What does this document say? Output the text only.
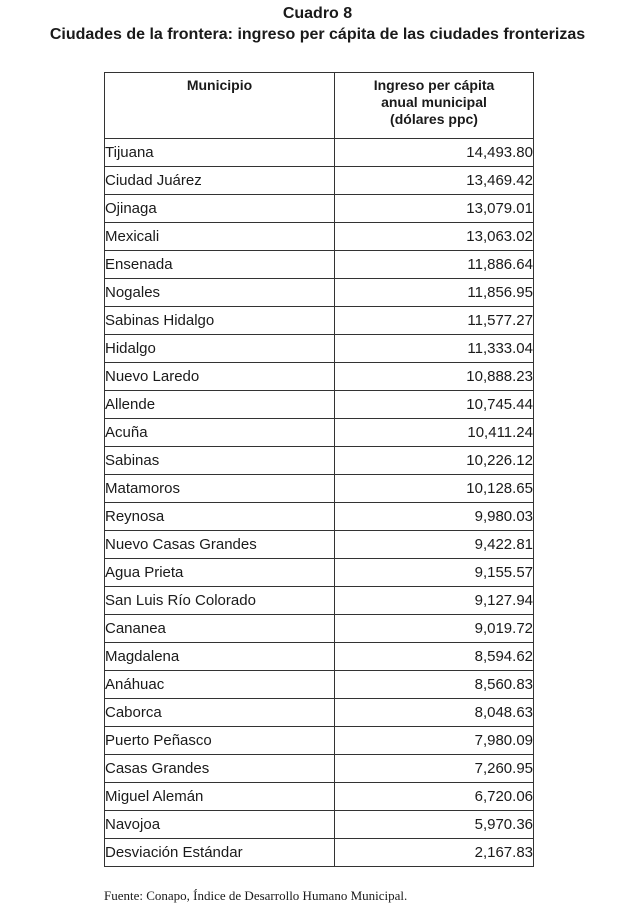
Cuadro 8
Ciudades de la frontera: ingreso per cápita de las ciudades fronterizas
Municipio	Ingreso per cápita anual municipal (dólares ppc)

Tijuana	14,493.80
Ciudad Juárez	13,469.42
Ojinaga	13,079.01
Mexicali	13,063.02
Ensenada	11,886.64
Nogales	11,856.95
Sabinas Hidalgo	11,577.27
Hidalgo	11,333.04
Nuevo Laredo	10,888.23
Allende	10,745.44
Acuña	10,411.24
Sabinas	10,226.12
Matamoros	10,128.65
Reynosa	9,980.03
Nuevo Casas Grandes	9,422.81
Agua Prieta	9,155.57
San Luis Río Colorado	9,127.94
Cananea	9,019.72
Magdalena	8,594.62
Anáhuac	8,560.83
Caborca	8,048.63
Puerto Peñasco	7,980.09
Casas Grandes	7,260.95
Miguel Alemán	6,720.06
Navojoa	5,970.36
Desviación Estándar	2,167.83
Fuente: Conapo, Índice de Desarrollo Humano Municipal.
